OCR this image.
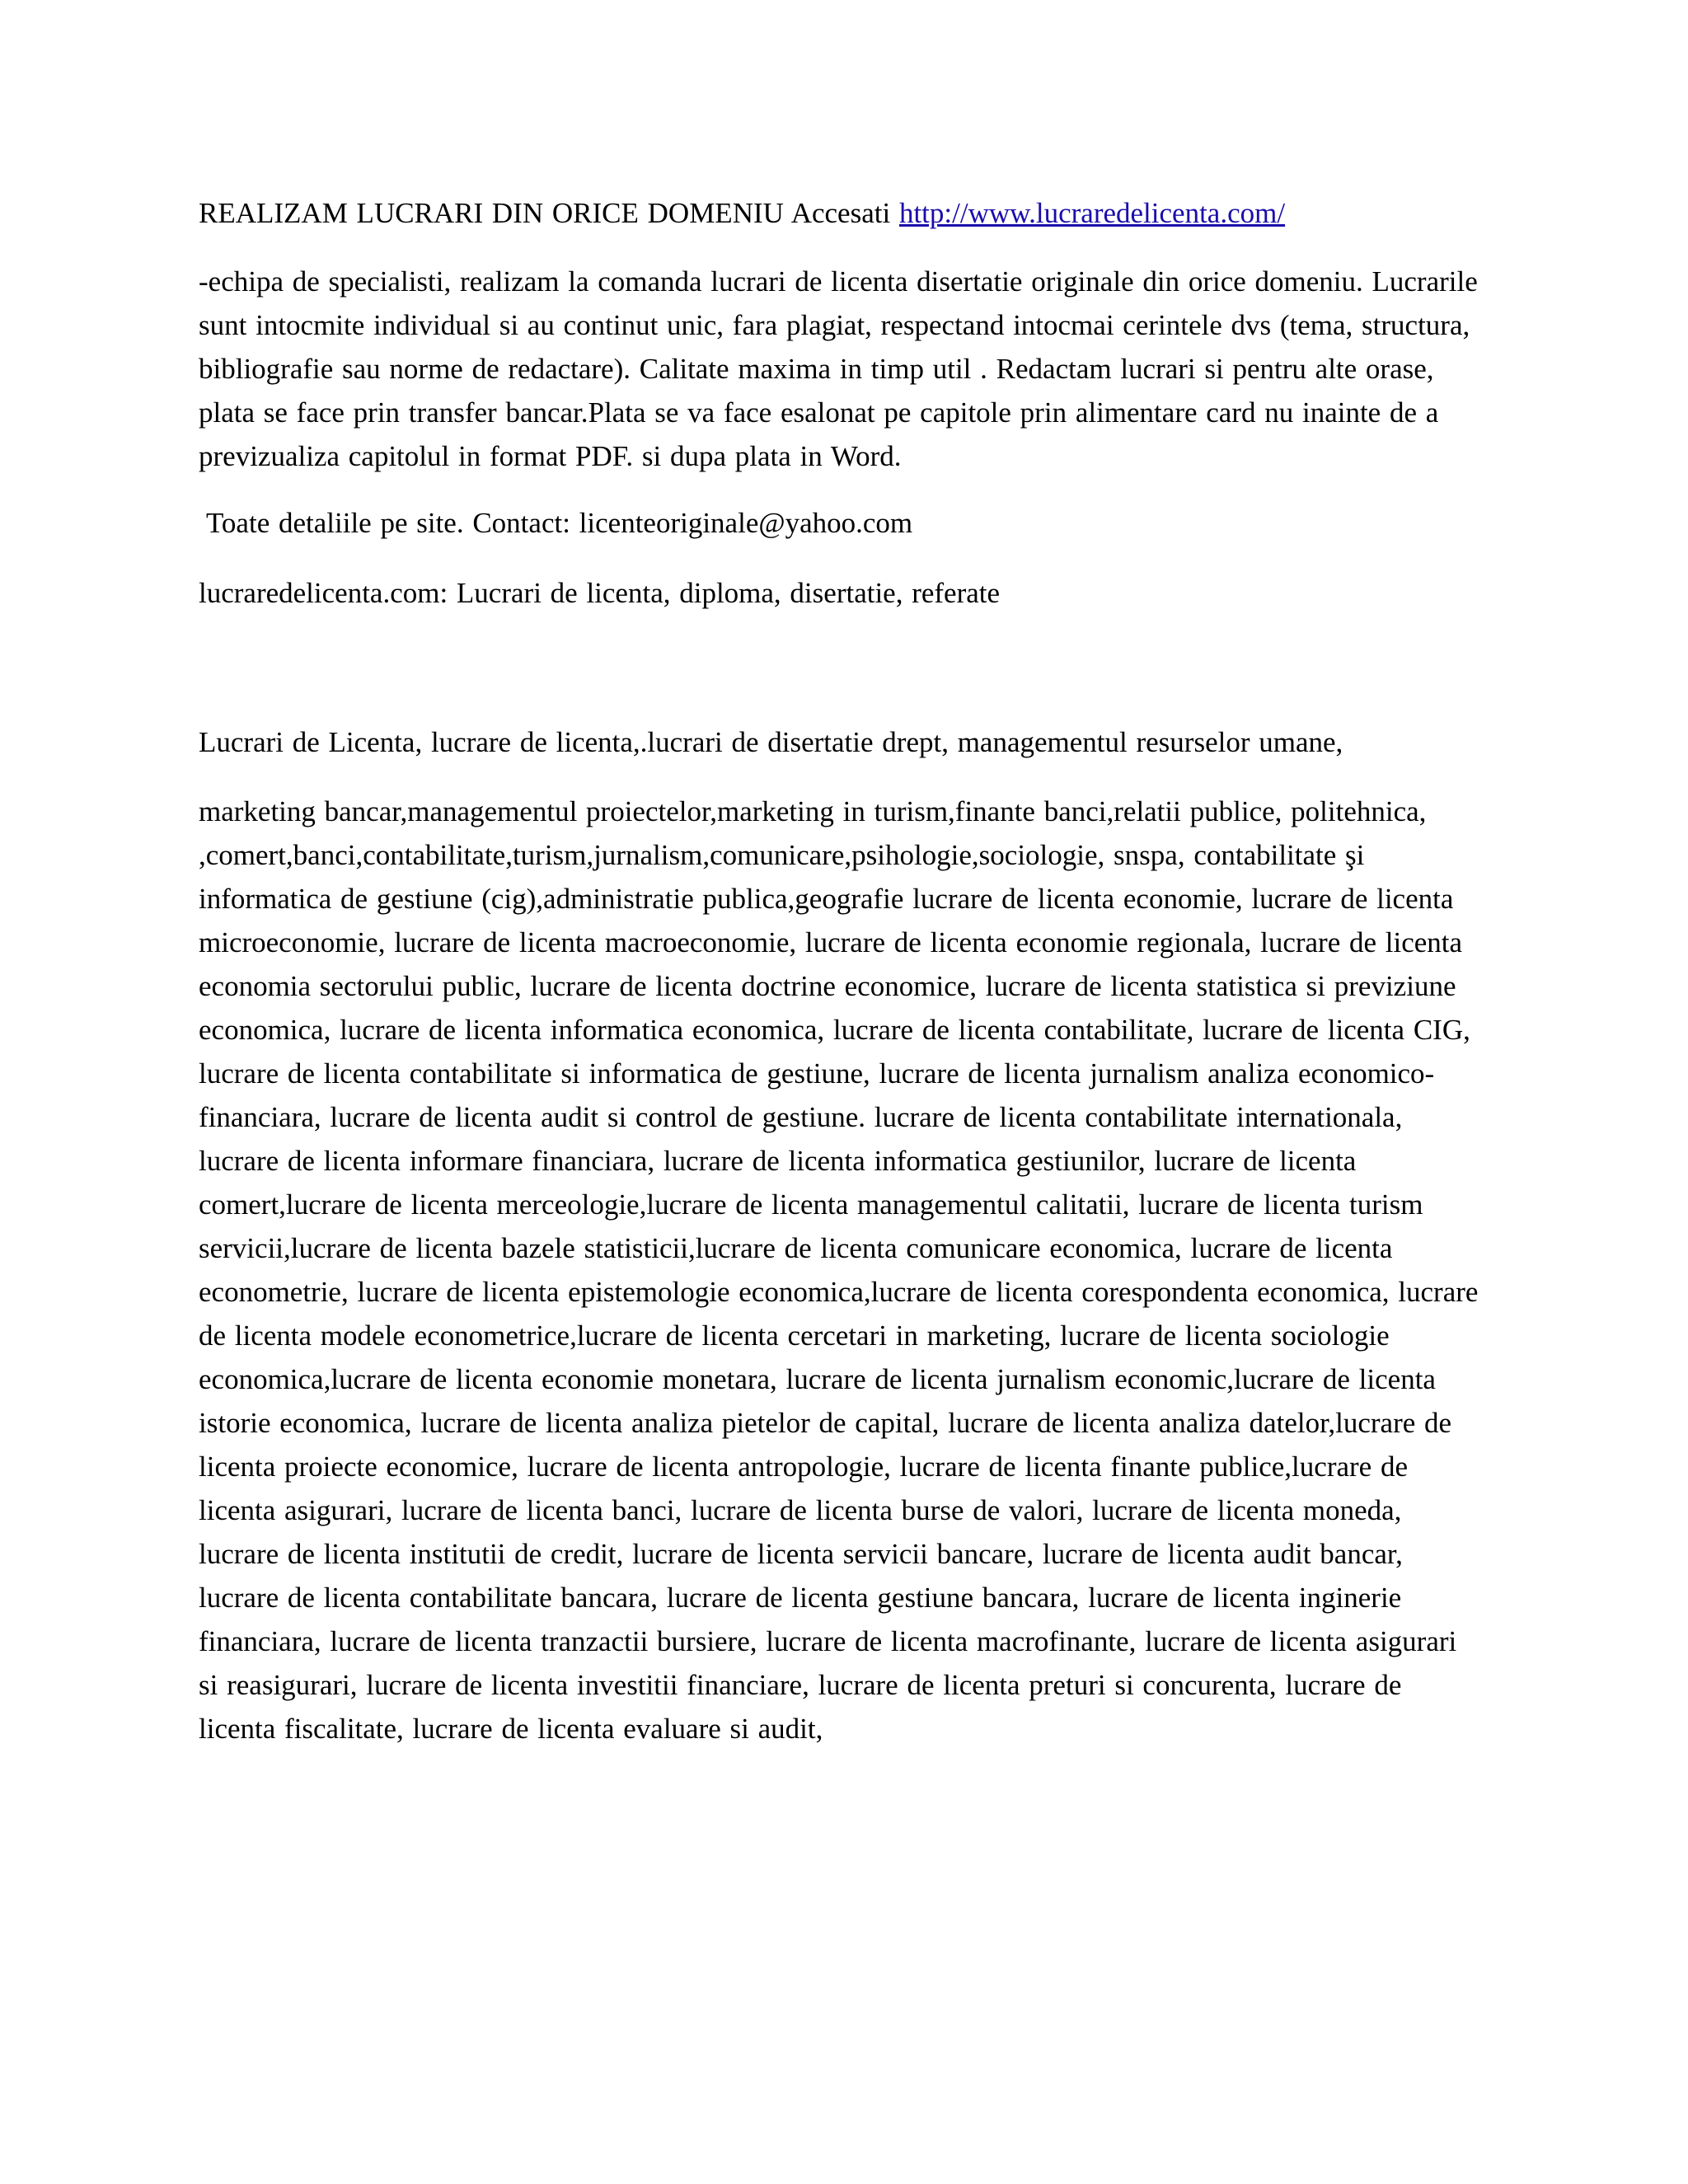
REALIZAM LUCRARI DIN ORICE DOMENIU Accesati http://www.lucraredelicenta.com/

-echipa de specialisti, realizam la comanda lucrari de licenta disertatie originale din orice domeniu. Lucrarile sunt intocmite individual si au continut unic, fara plagiat, respectand intocmai cerintele dvs (tema, structura, bibliografie sau norme de redactare). Calitate maxima in timp util . Redactam lucrari si pentru alte orase, plata se face prin transfer bancar.Plata se va face esalonat pe capitole prin alimentare card nu inainte de a previzualiza capitolul in format PDF. si dupa plata in Word.

Toate detaliile pe site. Contact: licenteoriginale@yahoo.com

lucraredelicenta.com: Lucrari de licenta, diploma, disertatie, referate

Lucrari de Licenta, lucrare de licenta,.lucrari de disertatie drept, managementul resurselor umane,

marketing bancar,managementul proiectelor,marketing in turism,finante banci,relatii publice, politehnica, ,comert,banci,contabilitate,turism,jurnalism,comunicare,psihologie,sociologie, snspa, contabilitate şi informatica de gestiune (cig),administratie publica,geografie lucrare de licenta economie, lucrare de licenta microeconomie, lucrare de licenta macroeconomie, lucrare de licenta economie regionala, lucrare de licenta economia sectorului public, lucrare de licenta doctrine economice, lucrare de licenta statistica si previziune economica, lucrare de licenta informatica economica, lucrare de licenta contabilitate, lucrare de licenta CIG, lucrare de licenta contabilitate si informatica de gestiune, lucrare de licenta jurnalism analiza economico-financiara, lucrare de licenta audit si control de gestiune. lucrare de licenta contabilitate internationala, lucrare de licenta informare financiara, lucrare de licenta informatica gestiunilor, lucrare de licenta comert,lucrare de licenta merceologie,lucrare de licenta managementul calitatii, lucrare de licenta turism servicii,lucrare de licenta bazele statisticii,lucrare de licenta comunicare economica, lucrare de licenta econometrie, lucrare de licenta epistemologie economica,lucrare de licenta corespondenta economica, lucrare de licenta modele econometrice,lucrare de licenta cercetari in marketing, lucrare de licenta sociologie economica,lucrare de licenta economie monetara, lucrare de licenta jurnalism economic,lucrare de licenta istorie economica, lucrare de licenta analiza pietelor de capital, lucrare de licenta analiza datelor,lucrare de licenta proiecte economice, lucrare de licenta antropologie, lucrare de licenta finante publice,lucrare de licenta asigurari, lucrare de licenta banci, lucrare de licenta burse de valori, lucrare de licenta moneda, lucrare de licenta institutii de credit, lucrare de licenta servicii bancare, lucrare de licenta audit bancar, lucrare de licenta contabilitate bancara, lucrare de licenta gestiune bancara, lucrare de licenta inginerie financiara, lucrare de licenta tranzactii bursiere, lucrare de licenta macrofinante, lucrare de licenta asigurari si reasigurari, lucrare de licenta investitii financiare, lucrare de licenta preturi si concurenta, lucrare de licenta fiscalitate, lucrare de licenta evaluare si audit,
